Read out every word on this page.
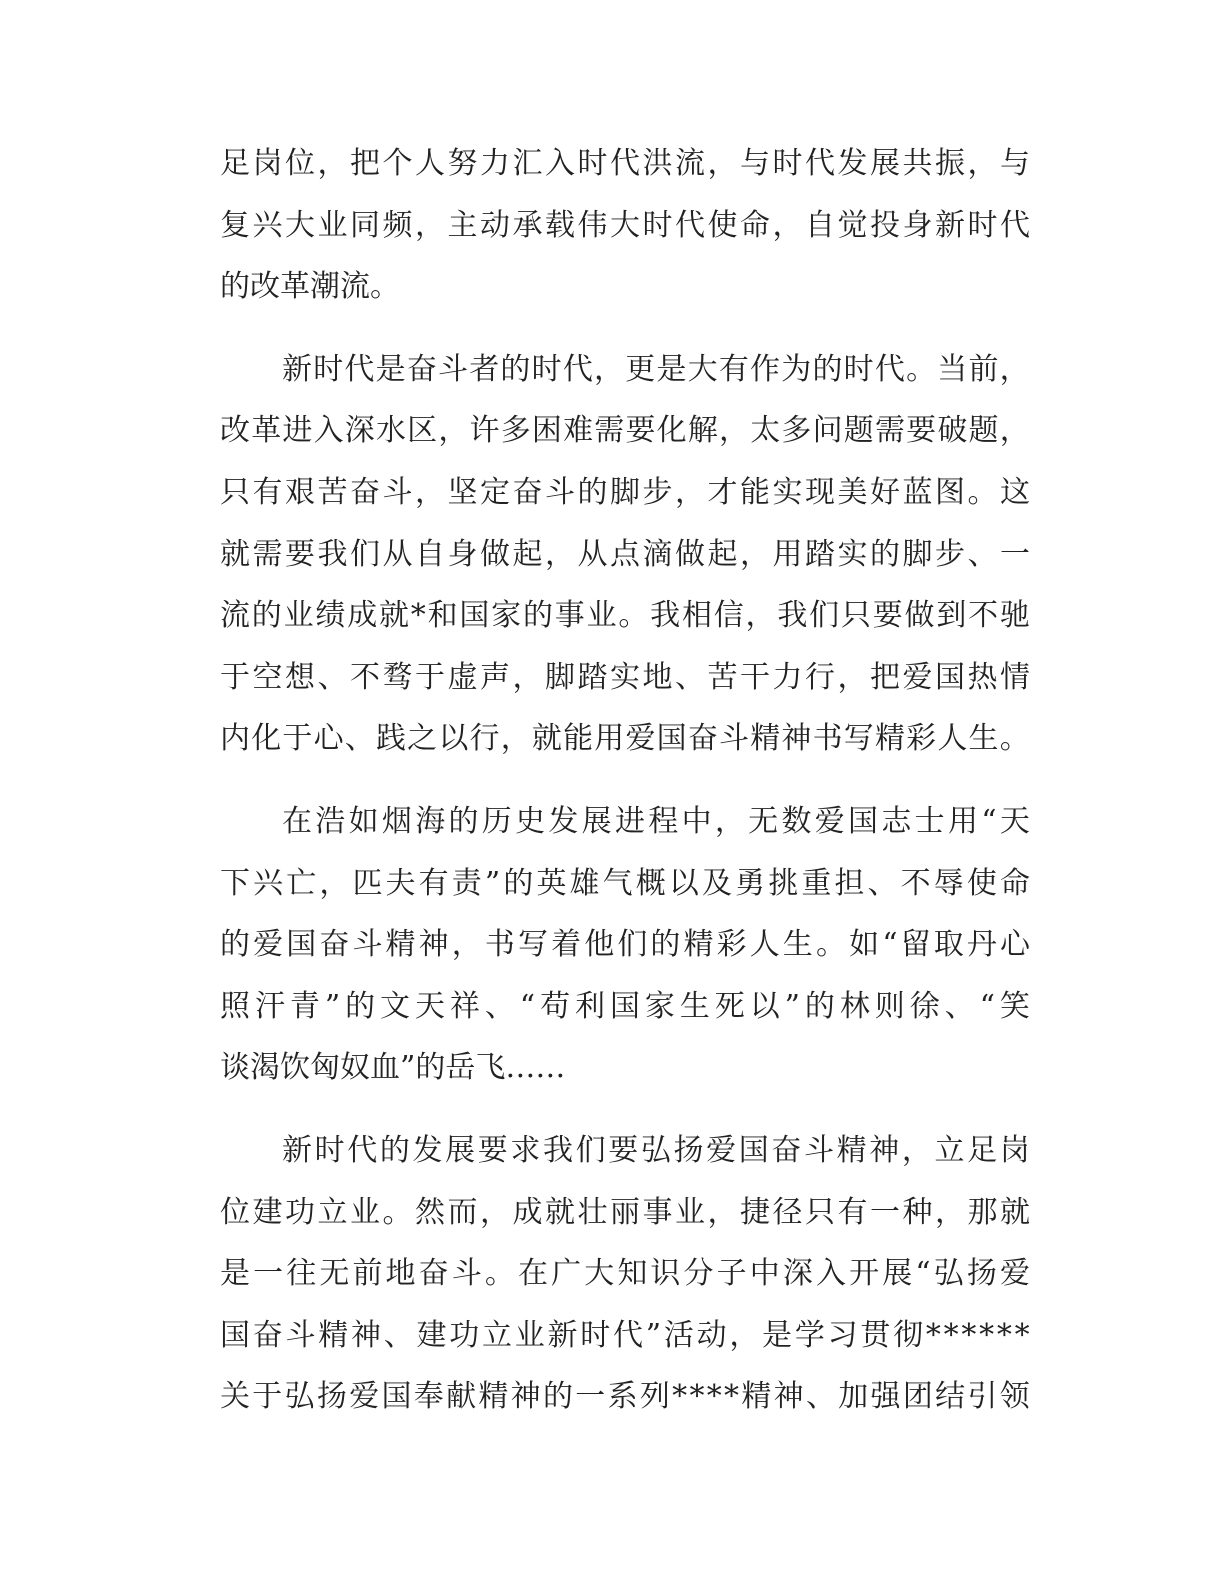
足 岗 位 ， 把 个 人 努 力 汇 入 时 代 洪 流 ， 与 时 代 发 展 共 振 ， 与
复 兴 大 业 同 频 ， 主 动 承 载 伟 大 时 代 使 命 ， 自 觉 投 身 新 时 代
的改革潮流。
新 时 代 是 奋 斗 者 的 时 代 ， 更 是 大 有 作 为 的 时 代 。 当 前 ，
改 革 进 入 深 水 区 ， 许 多 困 难 需 要 化 解 ， 太 多 问 题 需 要 破 题 ，
只 有 艰 苦 奋 斗 ， 坚 定 奋 斗 的 脚 步 ， 才 能 实 现 美 好 蓝 图 。 这
就 需 要 我 们 从 自 身 做 起 ， 从 点 滴 做 起 ， 用 踏 实 的 脚 步 、 一
流 的 业 绩 成 就 * 和 国 家 的 事 业 。 我 相 信 ， 我 们 只 要 做 到 不 驰
于 空 想 、 不 骛 于 虚 声 ， 脚 踏 实 地 、 苦 干 力 行 ， 把 爱 国 热 情
内 化 于 心 、 践 之 以 行 ， 就 能 用 爱 国 奋 斗 精 神 书 写 精 彩 人 生 。
在 浩 如 烟 海 的 历 史 发 展 进 程 中 ， 无 数 爱 国 志 士 用 “ 天
下 兴 亡 ， 匹 夫 有 责 ” 的 英 雄 气 概 以 及 勇 挑 重 担 、 不 辱 使 命
的 爱 国 奋 斗 精 神 ， 书 写 着 他 们 的 精 彩 人 生 。 如 “ 留 取 丹 心
照 汗 青 ” 的 文 天 祥 、 “ 苟 利 国 家 生 死 以 ” 的 林 则 徐 、 “ 笑
谈渴饮匈奴血”的岳飞……
新 时 代 的 发 展 要 求 我 们 要 弘 扬 爱 国 奋 斗 精 神 ， 立 足 岗
位 建 功 立 业 。 然 而 ， 成 就 壮 丽 事 业 ， 捷 径 只 有 一 种 ， 那 就
是 一 往 无 前 地 奋 斗 。 在 广 大 知 识 分 子 中 深 入 开 展 “ 弘 扬 爱
国 奋 斗 精 神 、 建 功 立 业 新 时 代 ” 活 动 ， 是 学 习 贯 彻 * * * * * *
关 于 弘 扬 爱 国 奉 献 精 神 的 一 系 列 * * * * 精 神 、 加 强 团 结 引 领
